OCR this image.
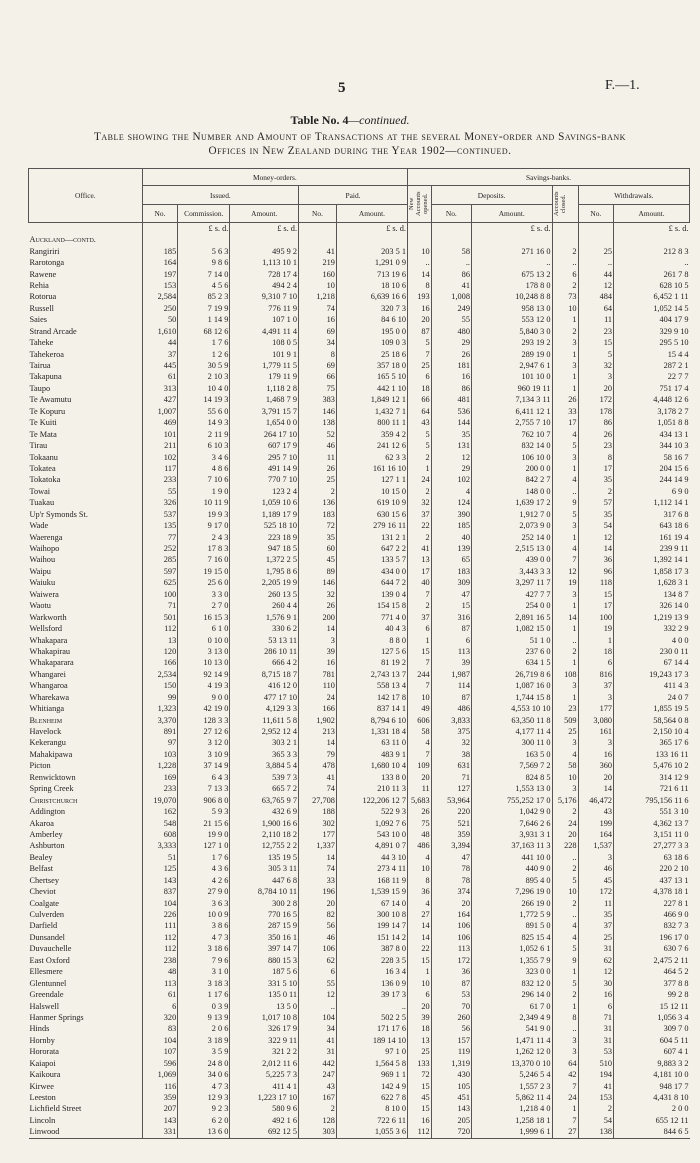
5	F.—1.
Table No. 4—continued.
Table showing the Number and Amount of Transactions at the several Money-order and Savings-bank
Offices in New Zealand during the Year 1902—continued.
Office.	Money-orders.					Savings-banks.					
	Issued.			Paid.		New Accounts opened.	Deposits.		Accounts closed.	Withdrawals.	
	No.	Commission.	Amount.	No.	Amount.		No.	Amount.		No.	Amount.
		£ s. d.	£ s. d.		£ s. d.			£ s. d.			£ s. d.
Auckland—contd.											
Rangiriri	185	5 6 3	495 9 2	41	203 5 1	10	58	271 16 0	2	25	212 8 3
Rarotonga	164	9 8 6	1,113 10 1	219	1,291 0 9	..	..	..	..	..	..
Rawene	197	7 14 0	728 17 4	160	713 19 6	14	86	675 13 2	6	44	261 7 8
Rehia	153	4 5 6	494 2 4	10	18 10 6	8	41	178 8 0	2	12	628 10 5
Rotorua	2,584	85 2 3	9,310 7 10	1,218	6,639 16 6	193	1,008	10,248 8 8	73	484	6,452 1 11
Russell	250	7 19 9	776 11 9	74	320 7 3	16	249	958 13 0	10	64	1,052 14 5
Saies	50	1 14 9	107 1 0	16	84 6 10	20	55	553 12 0	1	11	404 17 9
Strand Arcade	1,610	68 12 6	4,491 11 4	69	195 0 0	87	480	5,840 3 0	2	23	329 9 10
Taheke	44	1 7 6	108 0 5	34	109 0 3	5	29	293 19 2	3	15	295 5 10
Tahekeroa	37	1 2 6	101 9 1	8	25 18 6	7	26	289 19 0	1	5	15 4 4
Tairua	445	30 5 9	1,779 11 5	69	357 18 0	25	181	2,947 6 1	3	32	287 2 1
Takapuna	61	2 10 3	179 11 9	66	165 5 10	6	16	101 10 0	1	3	22 7 7
Taupo	313	10 4 0	1,118 2 8	75	442 1 10	18	86	960 19 11	1	20	751 17 4
Te Awamutu	427	14 19 3	1,468 7 9	383	1,849 12 1	66	481	7,134 3 11	26	172	4,448 12 6
Te Kopuru	1,007	55 6 0	3,791 15 7	146	1,432 7 1	64	536	6,411 12 1	33	178	3,178 2 7
Te Kuiti	469	14 9 3	1,654 0 0	138	800 11 1	43	144	2,755 7 10	17	86	1,051 8 8
Te Mata	101	2 11 9	264 17 10	52	359 4 2	5	35	762 10 7	4	26	434 13 1
Tirau	211	6 10 3	607 17 9	46	241 12 6	5	131	832 14 0	5	23	344 10 3
Tokaanu	102	3 4 6	295 7 10	11	62 3 3	2	12	106 10 0	3	8	58 16 7
Tokatea	117	4 8 6	491 14 9	26	161 16 10	1	29	200 0 0	1	17	204 15 6
Tokatoka	233	7 10 6	770 7 10	25	127 1 1	24	102	842 2 7	4	35	244 14 9
Towai	55	1 9 0	123 2 4	2	10 15 0	2	4	148 0 0	..	2	6 9 0
Tuakau	326	10 11 9	1,059 10 6	136	619 10 9	32	124	1,639 17 2	9	57	1,112 14 1
Up'r Symonds St.	537	19 9 3	1,189 17 9	183	630 15 6	37	390	1,912 7 0	5	35	317 6 8
Wade	135	9 17 0	525 18 10	72	279 16 11	22	185	2,073 9 0	3	54	643 18 6
Waerenga	77	2 4 3	223 18 9	35	131 2 1	2	40	252 14 0	1	12	161 19 4
Waihopo	252	17 8 3	947 18 5	60	647 2 2	41	139	2,515 13 0	4	14	239 9 11
Waihou	285	7 16 0	1,372 2 5	45	133 5 7	13	65	439 0 0	7	36	1,392 14 1
Waipu	597	19 15 0	1,795 8 6	89	434 0 0	17	183	3,443 3 3	12	96	1,858 17 3
Waiuku	625	25 6 0	2,205 19 9	146	644 7 2	40	309	3,297 11 7	19	118	1,628 3 1
Waiwera	100	3 3 0	260 13 5	32	139 0 4	7	47	427 7 7	3	15	134 8 7
Waotu	71	2 7 0	260 4 4	26	154 15 8	2	15	254 0 0	1	17	326 14 0
Warkworth	501	16 15 3	1,576 9 1	200	771 4 0	37	316	2,891 16 5	14	100	1,219 13 9
Wellsford	112	6 1 0	330 6 2	14	40 4 3	6	87	1,082 15 0	1	19	332 2 9
Whakapara	13	0 10 0	53 13 11	3	8 8 0	1	6	51 1 0	..	1	4 0 0
Whakapirau	120	3 13 0	286 10 11	39	127 5 6	15	113	237 6 0	2	18	230 0 11
Whakaparara	166	10 13 0	666 4 2	16	81 19 2	7	39	634 1 5	1	6	67 14 4
Whangarei	2,534	92 14 9	8,715 18 7	781	2,743 13 7	244	1,987	26,719 8 6	108	816	19,243 17 3
Whangaroa	150	4 19 3	416 12 0	110	558 13 4	7	114	1,087 16 0	3	37	411 4 3
Wharekawa	99	9 0 0	477 17 10	24	142 17 8	10	87	1,744 15 8	1	3	24 0 7
Whitianga	1,323	42 19 0	4,129 3 3	166	837 14 1	49	486	4,553 10 10	23	177	1,855 19 5
Blenheim	3,370	128 3 3	11,611 5 8	1,902	8,794 6 10	606	3,833	63,350 11 8	509	3,080	58,564 0 8
Havelock	891	27 12 6	2,952 12 4	213	1,331 18 4	58	375	4,177 11 4	25	161	2,150 10 4
Kekerangu	97	3 12 0	303 2 1	14	63 11 0	4	32	300 11 0	3	3	365 17 6
Mahakipawa	103	3 10 9	365 3 3	79	483 9 1	7	38	163 5 0	4	16	133 16 11
Picton	1,228	37 14 9	3,884 5 4	478	1,680 10 4	109	631	7,569 7 2	58	360	5,476 10 2
Renwicktown	169	6 4 3	539 7 3	41	133 8 0	20	71	824 8 5	10	20	314 12 9
Spring Creek	233	7 13 3	665 7 2	74	210 11 3	11	127	1,553 13 0	3	14	721 6 11
Christchurch	19,070	906 8 0	63,765 9 7	27,708	122,206 12 7	5,683	53,964	755,252 17 0	5,176	46,472	795,156 11 6
Addington	162	5 9 3	432 6 9	188	522 9 3	26	220	1,042 9 0	2	43	551 3 10
Akaroa	548	21 15 6	1,900 16 6	302	1,092 7 6	75	521	7,646 2 6	24	199	4,362 13 7
Amberley	608	19 9 0	2,110 18 2	177	543 10 0	48	359	3,931 3 1	20	164	3,151 11 0
Ashburton	3,333	127 1 0	12,755 2 2	1,337	4,891 0 7	486	3,394	37,163 11 3	228	1,537	27,277 3 3
Bealey	51	1 7 6	135 19 5	14	44 3 10	4	47	441 10 0	..	3	63 18 6
Belfast	125	4 3 6	305 3 11	74	273 4 11	10	78	440 9 0	2	46	220 2 10
Chertsey	143	4 2 6	447 6 8	33	168 11 9	8	78	895 4 0	5	45	437 13 1
Cheviot	837	27 9 0	8,784 10 11	196	1,539 15 9	36	374	7,296 19 0	10	172	4,378 18 1
Coalgate	104	3 6 3	300 2 8	20	67 14 0	4	20	266 19 0	2	11	227 8 1
Culverden	226	10 0 9	770 16 5	82	300 10 8	27	164	1,772 5 9	..	35	466 9 0
Darfield	111	3 8 6	287 15 9	56	199 14 7	14	106	891 5 0	4	37	832 7 3
Dunsandel	112	4 7 3	350 16 1	46	151 14 2	14	106	825 15 4	4	25	196 17 0
Duvauchelle	112	3 18 6	397 14 7	106	387 8 0	22	113	1,052 6 1	5	31	630 7 6
East Oxford	238	7 9 6	880 15 3	62	228 3 5	15	172	1,355 7 9	9	62	2,475 2 11
Ellesmere	48	3 1 0	187 5 6	6	16 3 4	1	36	323 0 0	1	12	464 5 2
Glentunnel	113	3 18 3	331 5 10	55	136 0 9	10	87	832 12 0	5	30	377 8 8
Greendale	61	1 17 6	135 0 11	12	39 17 3	6	53	296 14 0	2	16	99 2 8
Halswell	6	0 3 9	13 5 0	..	..	20	70	61 7 0	1	6	15 12 11
Hanmer Springs	320	9 13 9	1,017 10 8	104	502 2 5	39	260	2,349 4 9	8	71	1,056 3 4
Hinds	83	2 0 6	326 17 9	34	171 17 6	18	56	541 9 0	..	31	309 7 0
Hornby	104	3 18 9	322 9 11	41	189 14 10	13	157	1,471 11 4	3	31	604 5 11
Hororata	107	3 5 9	321 2 2	31	97 1 0	25	119	1,262 12 0	3	53	607 4 1
Kaiapoi	596	24 8 0	2,012 11 6	442	1,564 5 8	133	1,319	13,370 0 10	64	510	9,883 3 2
Kaikoura	1,069	34 0 6	5,225 7 3	247	969 1 1	72	430	5,246 5 4	42	194	4,181 10 0
Kirwee	116	4 7 3	411 4 1	43	142 4 9	15	105	1,557 2 3	7	41	948 17 7
Leeston	359	12 9 3	1,223 17 10	167	622 7 8	45	451	5,862 11 4	24	153	4,431 8 10
Lichfield Street	207	9 2 3	580 9 6	2	8 10 0	15	143	1,218 4 0	1	2	2 0 0
Lincoln	143	6 2 0	492 1 6	128	722 6 11	16	205	1,258 18 1	7	54	655 12 11
Linwood	331	13 6 0	692 12 5	303	1,055 3 6	112	720	1,999 6 1	27	138	844 6 5
